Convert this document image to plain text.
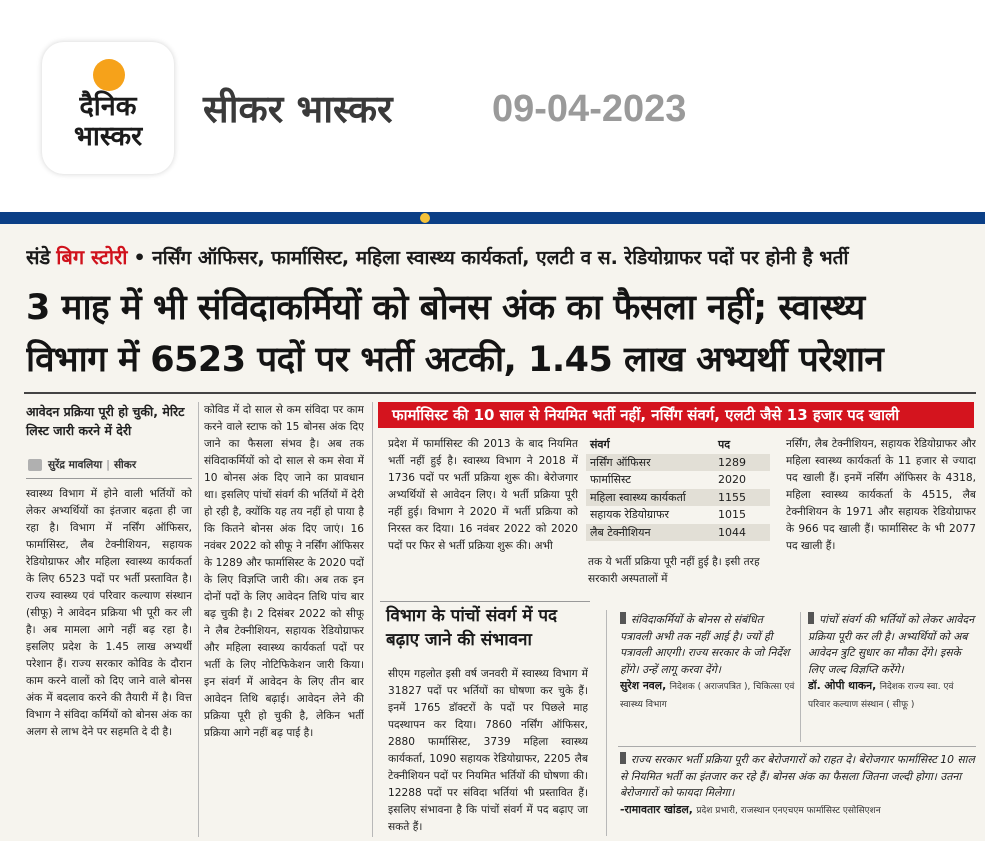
दैनिक
भास्कर
सीकर भास्कर	09-04-2023
संडे बिग स्टोरी • नर्सिंग ऑफिसर, फार्मासिस्ट, महिला स्वास्थ्य कार्यकर्ता, एलटी व स. रेडियोग्राफर पदों पर होनी है भर्ती
3 माह में भी संविदाकर्मियों को बोनस अंक का फैसला नहीं; स्वास्थ्य
विभाग में 6523 पदों पर भर्ती अटकी, 1.45 लाख अभ्यर्थी परेशान
आवेदन प्रक्रिया पूरी हो चुकी, मेरिट लिस्ट जारी करने में देरी
सुरेंद्र मावलिया | सीकर

स्वास्थ्य विभाग में होने वाली भर्तियों को लेकर अभ्यर्थियों का इंतजार बढ़ता ही जा रहा है। विभाग में नर्सिंग ऑफिसर, फार्मासिस्ट, लैब टेक्नीशियन, सहायक रेडियोग्राफर और महिला स्वास्थ्य कार्यकर्ता के लिए 6523 पदों पर भर्ती प्रस्तावित है। राज्य स्वास्थ्य एवं परिवार कल्याण संस्थान (सीफू) ने आवेदन प्रक्रिया भी पूरी कर ली है। अब मामला आगे नहीं बढ़ रहा है। इसलिए प्रदेश के 1.45 लाख अभ्यर्थी परेशान हैं। राज्य सरकार कोविड के दौरान काम करने वालों को दिए जाने वाले बोनस अंक में बदलाव करने की तैयारी में है। वित्त विभाग ने संविदा कर्मियों को बोनस अंक का अलग से लाभ देने पर सहमति दे दी है।

कोविड में दो साल से कम संविदा पर काम करने वाले स्टाफ को 15 बोनस अंक दिए जाने का फैसला संभव है। अब तक संविदाकर्मियों को दो साल से कम सेवा में 10 बोनस अंक दिए जाने का प्रावधान था। इसलिए पांचों संवर्ग की भर्तियों में देरी हो रही है, क्योंकि यह तय नहीं हो पाया है कि कितने बोनस अंक दिए जाएं। 16 नवंबर 2022 को सीफू ने नर्सिंग ऑफिसर के 1289 और फार्मासिस्ट के 2020 पदों के लिए विज्ञप्ति जारी की। अब तक इन दोनों पदों के लिए आवेदन तिथि पांच बार बढ़ चुकी है। 2 दिसंबर 2022 को सीफू ने लैब टेक्नीशियन, सहायक रेडियोग्राफर और महिला स्वास्थ्य कार्यकर्ता पदों पर भर्ती के लिए नोटिफिकेशन जारी किया। इन संवर्ग में आवेदन के लिए तीन बार आवेदन तिथि बढ़ाई। आवेदन लेने की प्रक्रिया पूरी हो चुकी है, लेकिन भर्ती प्रक्रिया आगे नहीं बढ़ पाई है।

फार्मासिस्ट की 10 साल से नियमित भर्ती नहीं, नर्सिंग संवर्ग, एलटी जैसे 13 हजार पद खाली

प्रदेश में फार्मासिस्ट की 2013 के बाद नियमित भर्ती नहीं हुई है। स्वास्थ्य विभाग ने 2018 में 1736 पदों पर भर्ती प्रक्रिया शुरू की। बेरोजगार अभ्यर्थियों से आवेदन लिए। ये भर्ती प्रक्रिया पूरी नहीं हुई। विभाग ने 2020 में भर्ती प्रक्रिया को निरस्त कर दिया। 16 नवंबर 2022 को 2020 पदों पर फिर से भर्ती प्रक्रिया शुरू की। अभी

संवर्ग	पद
नर्सिंग ऑफिसर	1289
फार्मासिस्ट	2020
महिला स्वास्थ्य कार्यकर्ता	1155
सहायक रेडियोग्राफर	1015
लैब टेक्नीशियन	1044
तक ये भर्ती प्रक्रिया पूरी नहीं हुई है। इसी तरह सरकारी अस्पतालों में

नर्सिंग, लैब टेक्नीशियन, सहायक रेडियोग्राफर और महिला स्वास्थ्य कार्यकर्ता के 11 हजार से ज्यादा पद खाली हैं। इनमें नर्सिंग ऑफिसर के 4318, महिला स्वास्थ्य कार्यकर्ता के 4515, लैब टेक्नीशियन के 1971 और सहायक रेडियोग्राफर के 966 पद खाली हैं। फार्मासिस्ट के भी 2077 पद खाली हैं।

विभाग के पांचों संवर्ग में पद बढ़ाए जाने की संभावना

सीएम गहलोत इसी वर्ष जनवरी में स्वास्थ्य विभाग में 31827 पदों पर भर्तियों का घोषणा कर चुके हैं। इनमें 1765 डॉक्टरों के पदों पर पिछले माह पदस्थापन कर दिया। 7860 नर्सिंग ऑफिसर, 2880 फार्मासिस्ट, 3739 महिला स्वास्थ्य कार्यकर्ता, 1090 सहायक रेडियोग्राफर, 2205 लैब टेक्नीशियन पदों पर नियमित भर्तियों की घोषणा की। 12288 पदों पर संविदा भर्तियां भी प्रस्तावित हैं। इसलिए संभावना है कि पांचों संवर्ग में पद बढ़ाए जा सकते हैं।

संविदाकर्मियों के बोनस से संबंधित पत्रावली अभी तक नहीं आई है। ज्यों ही पत्रावली आएगी। राज्य सरकार के जो निर्देश होंगे। उन्हें लागू करवा देंगे।
सुरेश नवल, निदेशक ( अराजपत्रित ), चिकित्सा एवं स्वास्थ्य विभाग
पांचों संवर्ग की भर्तियों को लेकर आवेदन प्रक्रिया पूरी कर ली है। अभ्यर्थियों को अब आवेदन त्रुटि सुधार का मौका देंगे। इसके लिए जल्द विज्ञप्ति करेंगे।
डॉ. ओपी थाकन, निदेशक राज्य स्वा. एवं परिवार कल्याण संस्थान ( सीफू )
राज्य सरकार भर्ती प्रक्रिया पूरी कर बेरोजगारों को राहत दे। बेरोजगार फार्मासिस्ट 10 साल से नियमित भर्ती का इंतजार कर रहे हैं। बोनस अंक का फैसला जितना जल्दी होगा। उतना बेरोजगारों को फायदा मिलेगा।
-रामावतार खांडल, प्रदेश प्रभारी, राजस्थान एनएचएम फार्मासिस्ट एसोसिएशन
